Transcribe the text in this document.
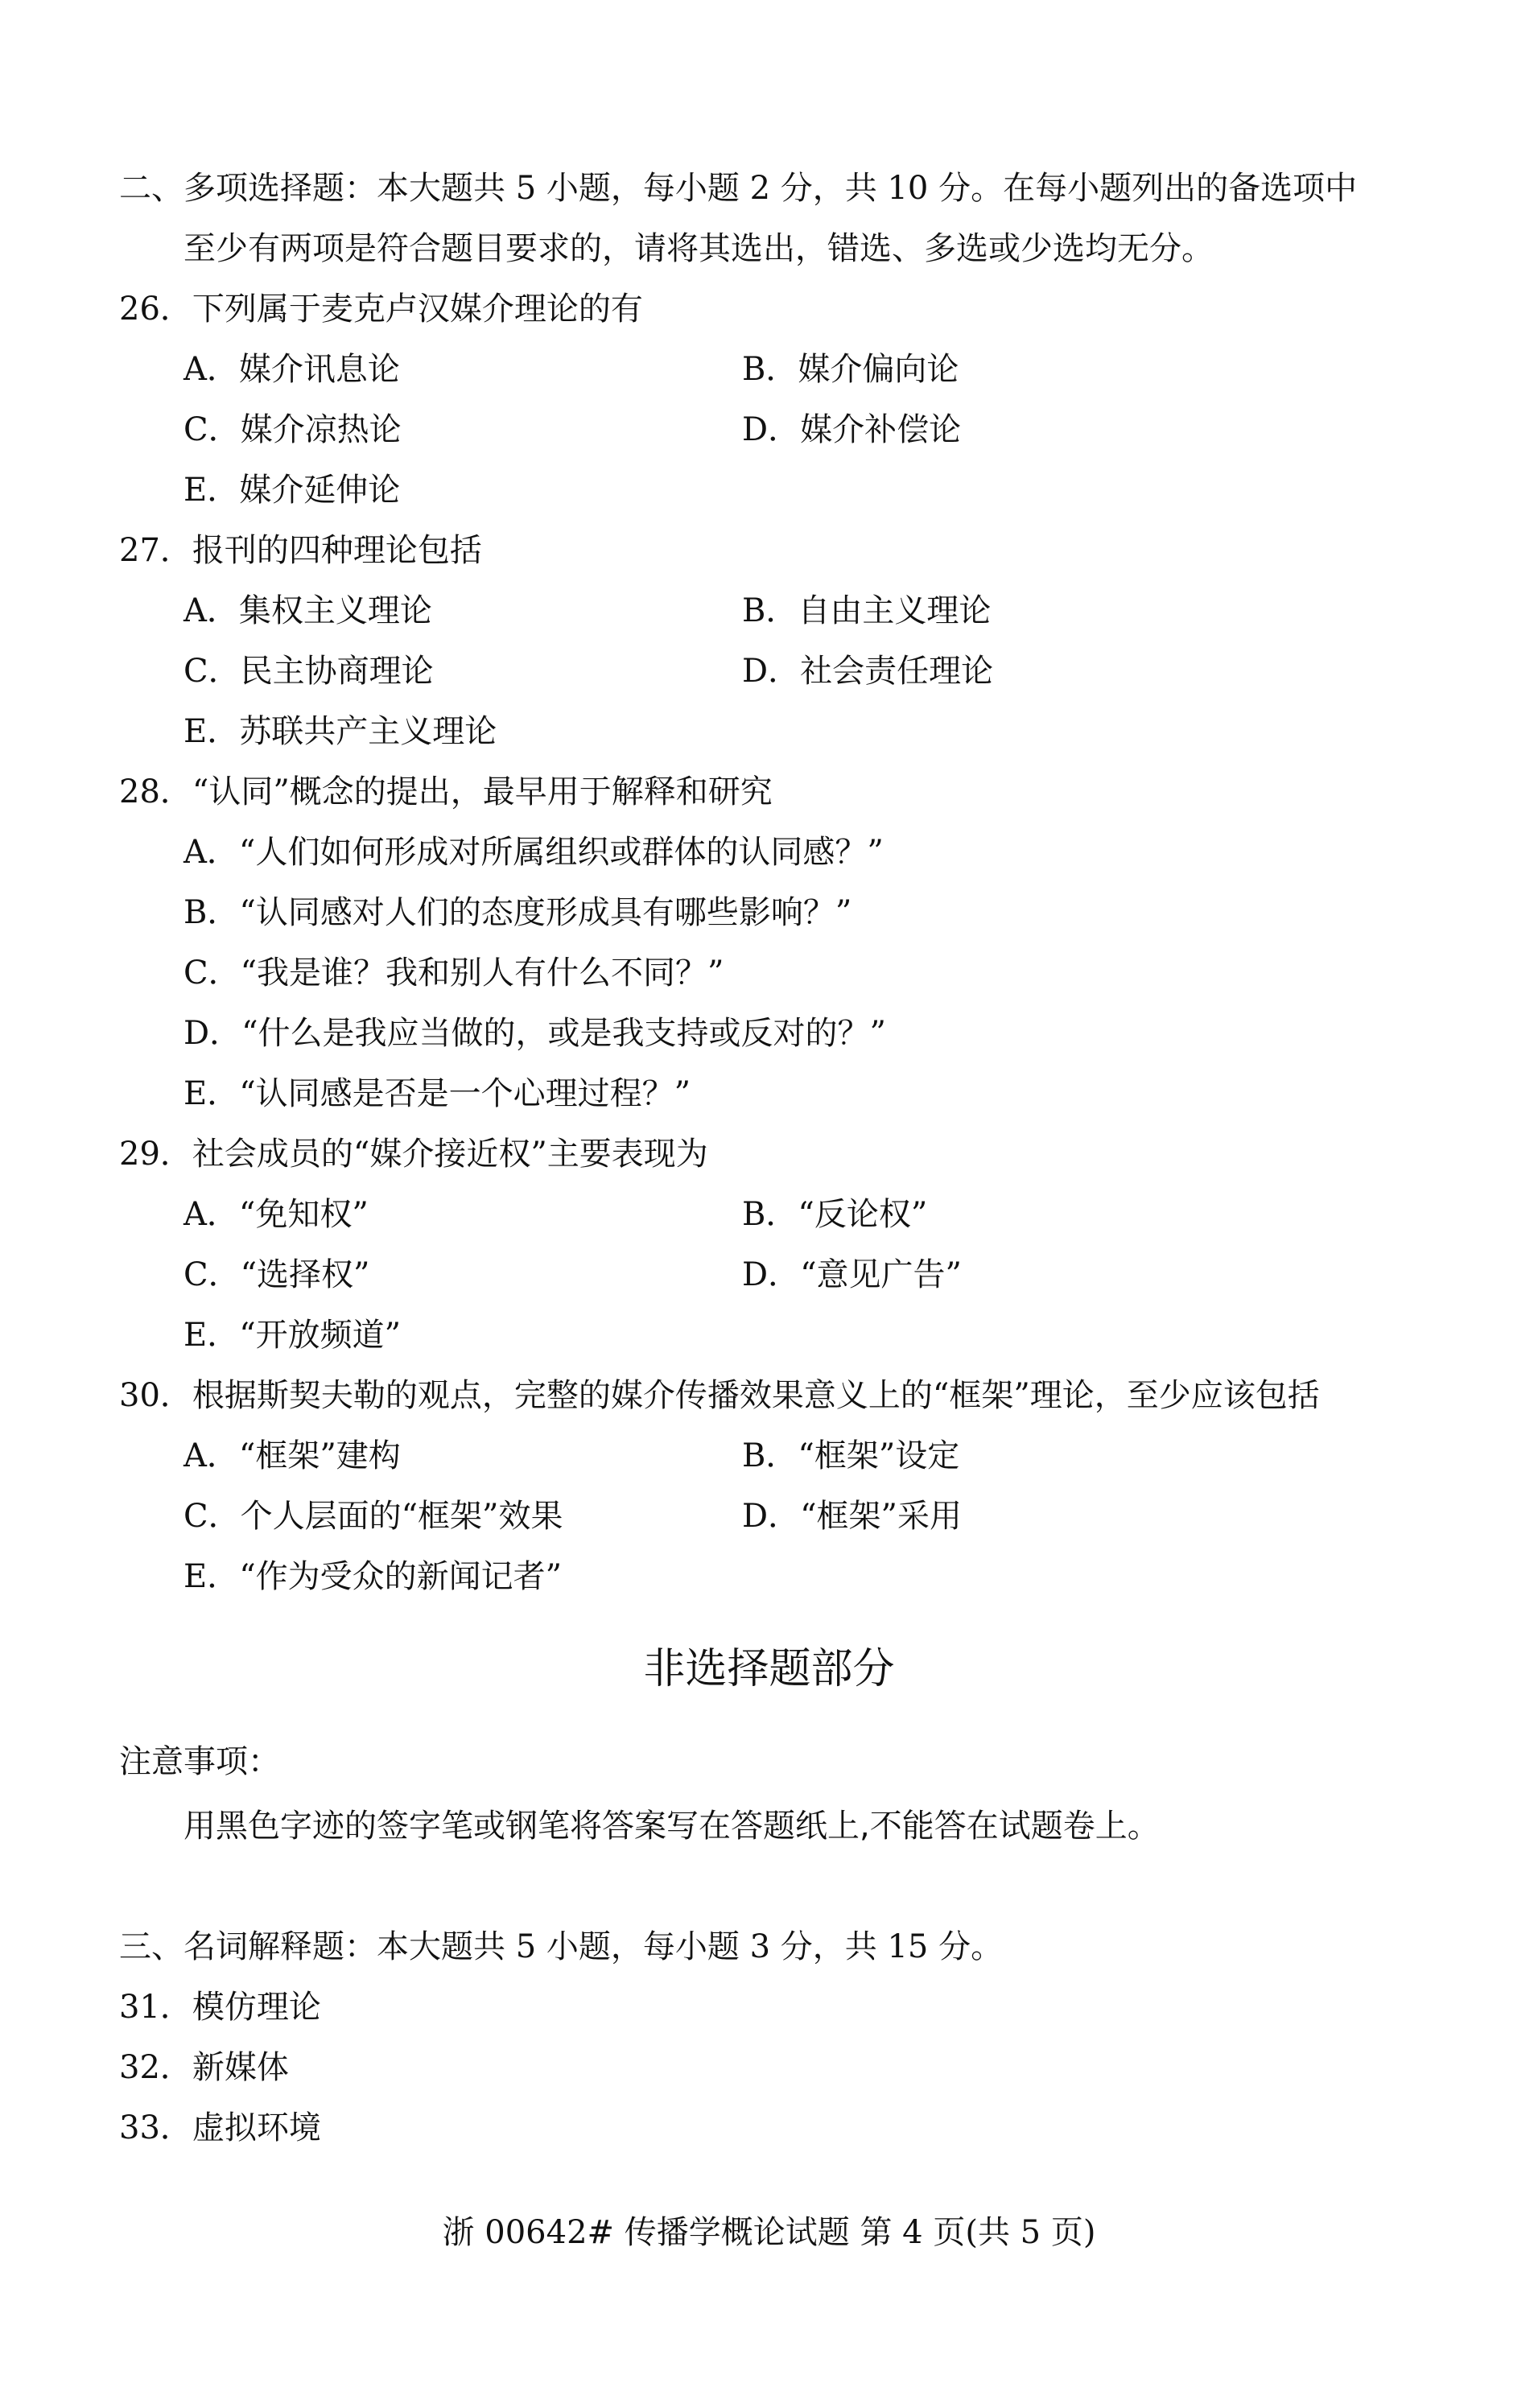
二、多项选择题：本大题共 5 小题，每小题 2 分，共 10 分。在每小题列出的备选项中
至少有两项是符合题目要求的，请将其选出，错选、多选或少选均无分。
26．下列属于麦克卢汉媒介理论的有
A．媒介讯息论	B．媒介偏向论
C．媒介凉热论	D．媒介补偿论
E．媒介延伸论
27．报刊的四种理论包括
A．集权主义理论	B．自由主义理论
C．民主协商理论	D．社会责任理论
E．苏联共产主义理论
28．“认同”概念的提出，最早用于解释和研究
A．“人们如何形成对所属组织或群体的认同感？”
B．“认同感对人们的态度形成具有哪些影响？”
C．“我是谁？我和别人有什么不同？”
D．“什么是我应当做的，或是我支持或反对的？”
E．“认同感是否是一个心理过程？”
29．社会成员的“媒介接近权”主要表现为
A．“免知权”	B．“反论权”
C．“选择权”	D．“意见广告”
E．“开放频道”
30．根据斯契夫勒的观点，完整的媒介传播效果意义上的“框架”理论，至少应该包括
A．“框架”建构	B．“框架”设定
C．个人层面的“框架”效果	D．“框架”采用
E．“作为受众的新闻记者”
非选择题部分
注意事项：
用黑色字迹的签字笔或钢笔将答案写在答题纸上,不能答在试题卷上。
三、名词解释题：本大题共 5 小题，每小题 3 分，共 15 分。
31．模仿理论
32．新媒体
33．虚拟环境
浙 00642# 传播学概论试题 第 4 页(共 5 页)
